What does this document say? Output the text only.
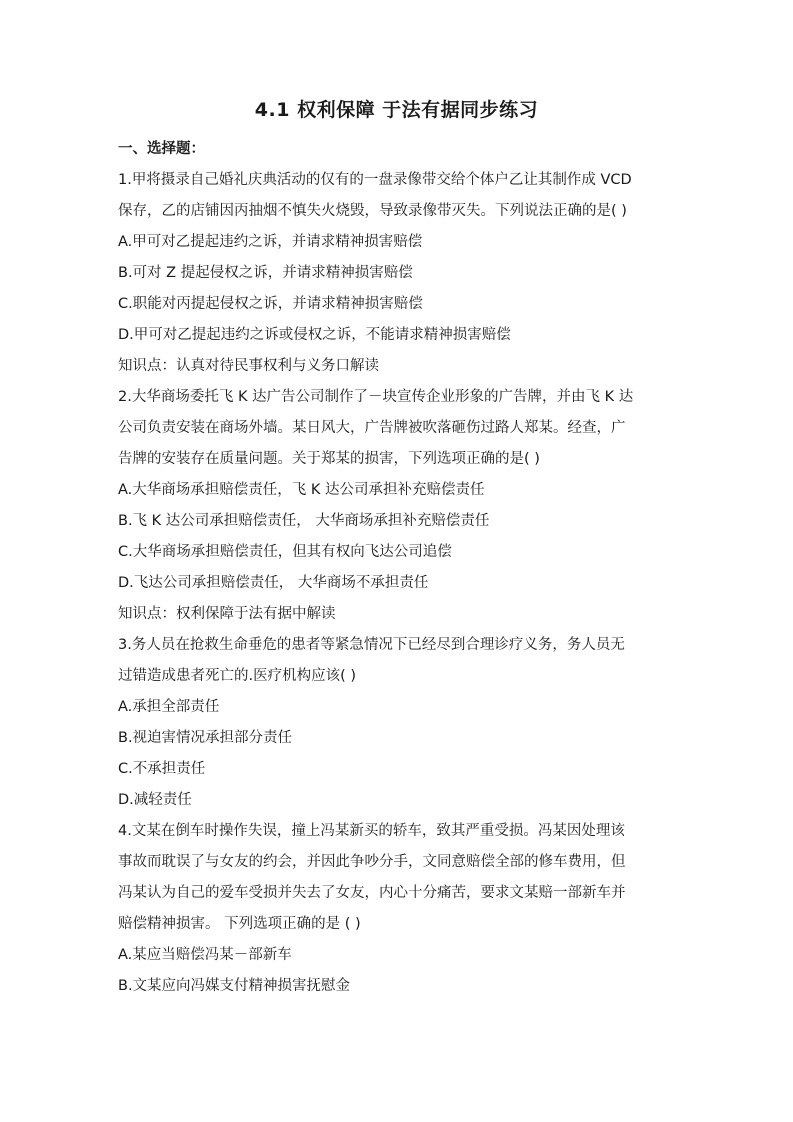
4.1 权利保障 于法有据同步练习
一、选择题：
1.甲将摄录自己婚礼庆典活动的仅有的一盘录像带交给个体户乙让其制作成 VCD
保存，乙的店铺因丙抽烟不慎失火烧毁，导致录像带灭失。下列说法正确的是( )
A.甲可对乙提起违约之诉，并请求精神损害赔偿
B.可对 Z 提起侵权之诉，并请求精神损害赔偿
C.职能对丙提起侵权之诉，并请求精神损害赔偿
D.甲可对乙提起违约之诉或侵权之诉，不能请求精神损害赔偿
知识点：认真对待民事权利与义务口解读
2.大华商场委托飞 K 达广告公司制作了－块宣传企业形象的广告牌，并由飞 K 达
公司负责安装在商场外墙。某日风大，广告牌被吹落砸伤过路人郑某。经查，广
告牌的安装存在质量问题。关于郑某的损害，下列选项正确的是( )
A.大华商场承担赔偿责任，飞 K 达公司承担补充赔偿责任
B.飞 K 达公司承担赔偿责任， 大华商场承担补充赔偿责任
C.大华商场承担赔偿责任，但其有权向飞达公司追偿
D.飞达公司承担赔偿责任， 大华商场不承担责任
知识点：权利保障于法有据中解读
3.务人员在抢救生命垂危的患者等紧急情况下已经尽到合理诊疗义务，务人员无
过错造成患者死亡的.医疗机构应该( )
A.承担全部责任
B.视迫害情况承担部分责任
C.不承担责任
D.减轻责任
4.文某在倒车时操作失误，撞上冯某新买的轿车，致其严重受损。冯某因处理该
事故而耽误了与女友的约会，并因此争吵分手，文同意赔偿全部的修车费用，但
冯某认为自己的爱车受损并失去了女友，内心十分痛苦，要求文某赔一部新车并
赔偿精神损害。 下列选项正确的是 ( )
A.某应当赔偿冯某－部新车
B.文某应向冯媒支付精神损害抚慰金
